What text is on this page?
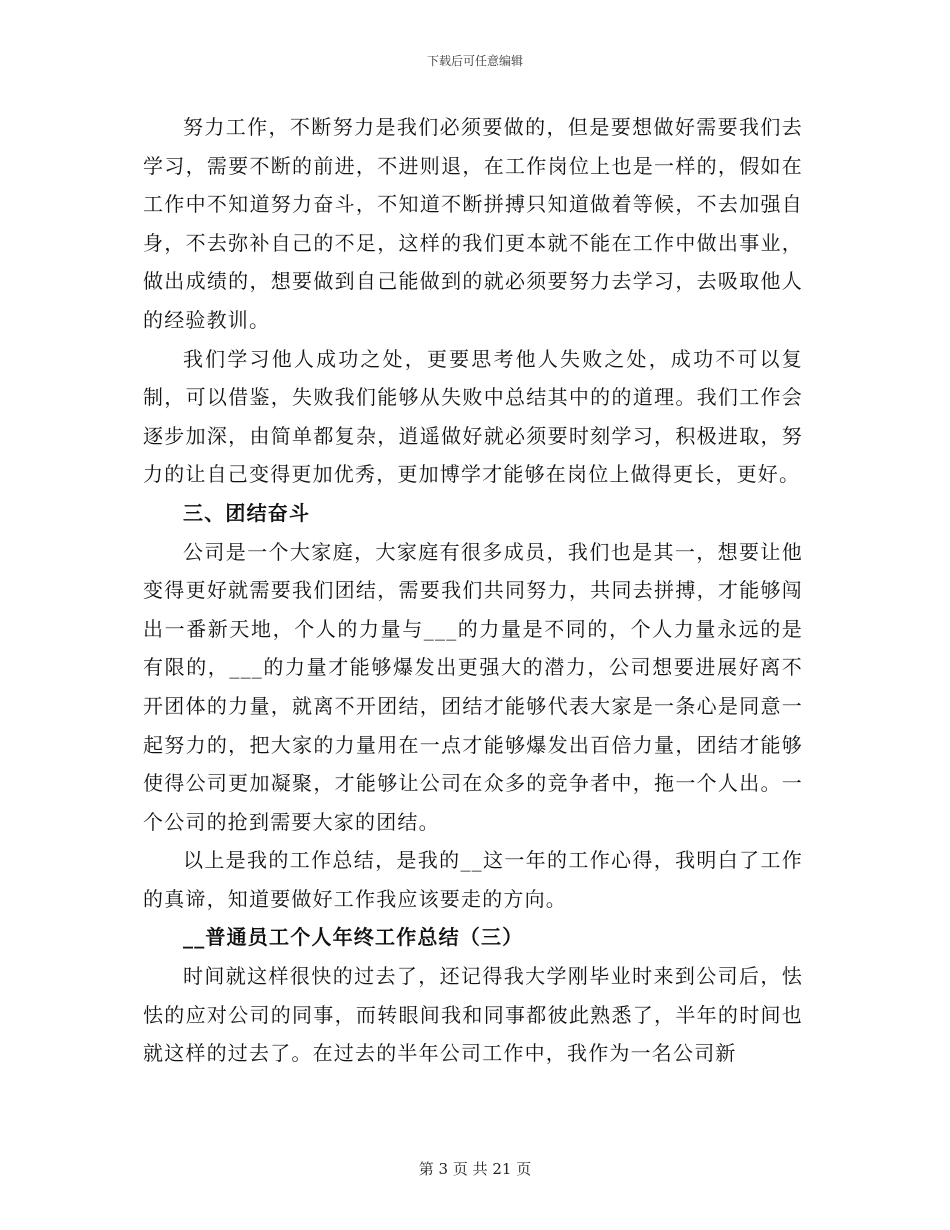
下载后可任意编辑

努力工作，不断努力是我们必须要做的，但是要想做好需要我们去学习，需要不断的前进，不进则退，在工作岗位上也是一样的，假如在工作中不知道努力奋斗，不知道不断拼搏只知道做着等候，不去加强自身，不去弥补自己的不足，这样的我们更本就不能在工作中做出事业，做出成绩的，想要做到自己能做到的就必须要努力去学习，去吸取他人的经验教训。

我们学习他人成功之处，更要思考他人失败之处，成功不可以复制，可以借鉴，失败我们能够从失败中总结其中的的道理。我们工作会逐步加深，由简单都复杂，逍遥做好就必须要时刻学习，积极进取，努力的让自己变得更加优秀，更加博学才能够在岗位上做得更长，更好。

三、团结奋斗

公司是一个大家庭，大家庭有很多成员，我们也是其一，想要让他变得更好就需要我们团结，需要我们共同努力，共同去拼搏，才能够闯出一番新天地，个人的力量与___的力量是不同的，个人力量永远的是有限的，___的力量才能够爆发出更强大的潜力，公司想要进展好离不开团体的力量，就离不开团结，团结才能够代表大家是一条心是同意一起努力的，把大家的力量用在一点才能够爆发出百倍力量，团结才能够使得公司更加凝聚，才能够让公司在众多的竞争者中，拖一个人出。一个公司的抢到需要大家的团结。

以上是我的工作总结，是我的__这一年的工作心得，我明白了工作的真谛，知道要做好工作我应该要走的方向。

__普通员工个人年终工作总结（三）

时间就这样很快的过去了，还记得我大学刚毕业时来到公司后，怯怯的应对公司的同事，而转眼间我和同事都彼此熟悉了，半年的时间也就这样的过去了。在过去的半年公司工作中，我作为一名公司新

第 3 页 共 21 页
